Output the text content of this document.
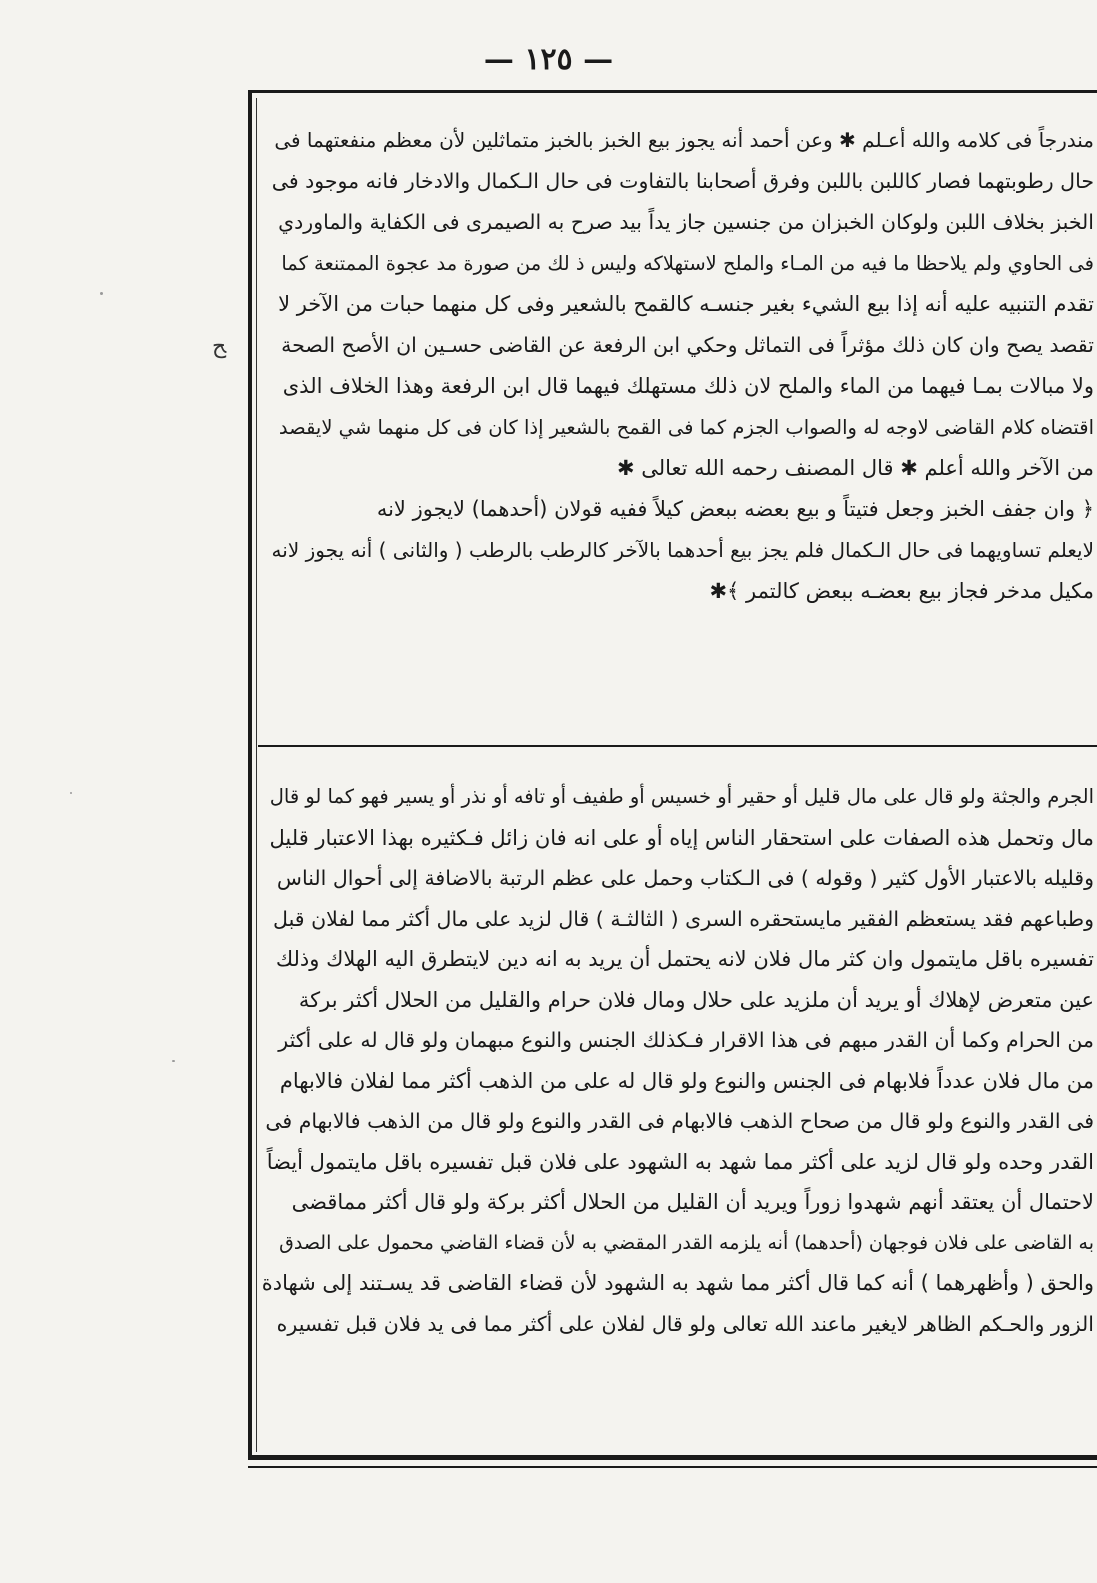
— ١٢٥ —
ﺢ

مندرجاً فى كلامه والله أعـلم ✱ وعن أحمد أنه يجوز بيع الخبز بالخبز متماثلين لأن معظم منفعتهما فى

حال رطوبتهما فصار كاللبن باللبن وفرق أصحابنا بالتفاوت فى حال الـكمال والادخار فانه موجود فى

الخبز بخلاف اللبن ولوكان الخبزان من جنسين جاز يداً بيد صرح به الصيمرى فى الكفاية والماوردي

فى الحاوي ولم يلاحظا ما فيه من المـاء والملح لاستهلاكه وليس ذ لك من صورة مد عجوة الممتنعة كما

تقدم التنبيه عليه أنه إذا بيع الشيء بغير جنسـه كالقمح بالشعير وفى كل منهما حبات من الآخر لا

تقصد يصح وان كان ذلك مؤثراً فى التماثل وحكي ابن الرفعة عن القاضى حسـين ان الأصح الصحة

ولا مبالات بمـا فيهما من الماء والملح لان ذلك مستهلك فيهما قال ابن الرفعة وهذا الخلاف الذى

اقتضاه كلام القاضى لاوجه له والصواب الجزم كما فى القمح بالشعير إذا كان فى كل منهما شي لايقصد

من الآخر والله أعلم ✱ قال المصنف رحمه الله تعالى ✱

﴿ وان جفف الخبز وجعل فتيتاً و بيع بعضه ببعض كيلاً ففيه قولان (أحدهما) لايجوز لانه

لايعلم تساويهما فى حال الـكمال فلم يجز بيع أحدهما بالآخر كالرطب بالرطب ( والثانى ) أنه يجوز لانه

مكيل مدخر فجاز بيع بعضـه ببعض كالتمر ﴾✱

الجرم والجثة ولو قال على مال قليل أو حقير أو خسيس أو طفيف أو تافه أو نذر أو يسير فهو كما لو قال

مال وتحمل هذه الصفات على استحقار الناس إياه أو على انه فان زائل فـكثيره بهذا الاعتبار قليل

وقليله بالاعتبار الأول كثير ( وقوله ) فى الـكتاب وحمل على عظم الرتبة بالاضافة إلى أحوال الناس

وطباعهم فقد يستعظم الفقير مايستحقره السرى ( الثالثـة ) قال لزيد على مال أكثر مما لفلان قبل

تفسيره باقل مايتمول وان كثر مال فلان لانه يحتمل أن يريد به انه دين لايتطرق اليه الهلاك وذلك

عين متعرض لإهلاك أو يريد أن ملزيد على حلال ومال فلان حرام والقليل من الحلال أكثر بركة

من الحرام وكما أن القدر مبهم فى هذا الاقرار فـكذلك الجنس والنوع مبهمان ولو قال له على أكثر

من مال فلان عدداً فلابهام فى الجنس والنوع ولو قال له على من الذهب أكثر مما لفلان فالابهام

فى القدر والنوع ولو قال من صحاح الذهب فالابهام فى القدر والنوع ولو قال من الذهب فالابهام فى

القدر وحده ولو قال لزيد على أكثر مما شهد به الشهود على فلان قبل تفسيره باقل مايتمول أيضاً

لاحتمال أن يعتقد أنهم شهدوا زوراً ويريد أن القليل من الحلال أكثر بركة ولو قال أكثر مماقضى

به القاضى على فلان فوجهان (أحدهما) أنه يلزمه القدر المقضي به لأن قضاء القاضي محمول على الصدق

والحق ( وأظهرهما ) أنه كما قال أكثر مما شهد به الشهود لأن قضاء القاضى قد يسـتند إلى شهادة

الزور والحـكم الظاهر لايغير ماعند الله تعالى ولو قال لفلان على أكثر مما فى يد فلان قبل تفسيره
